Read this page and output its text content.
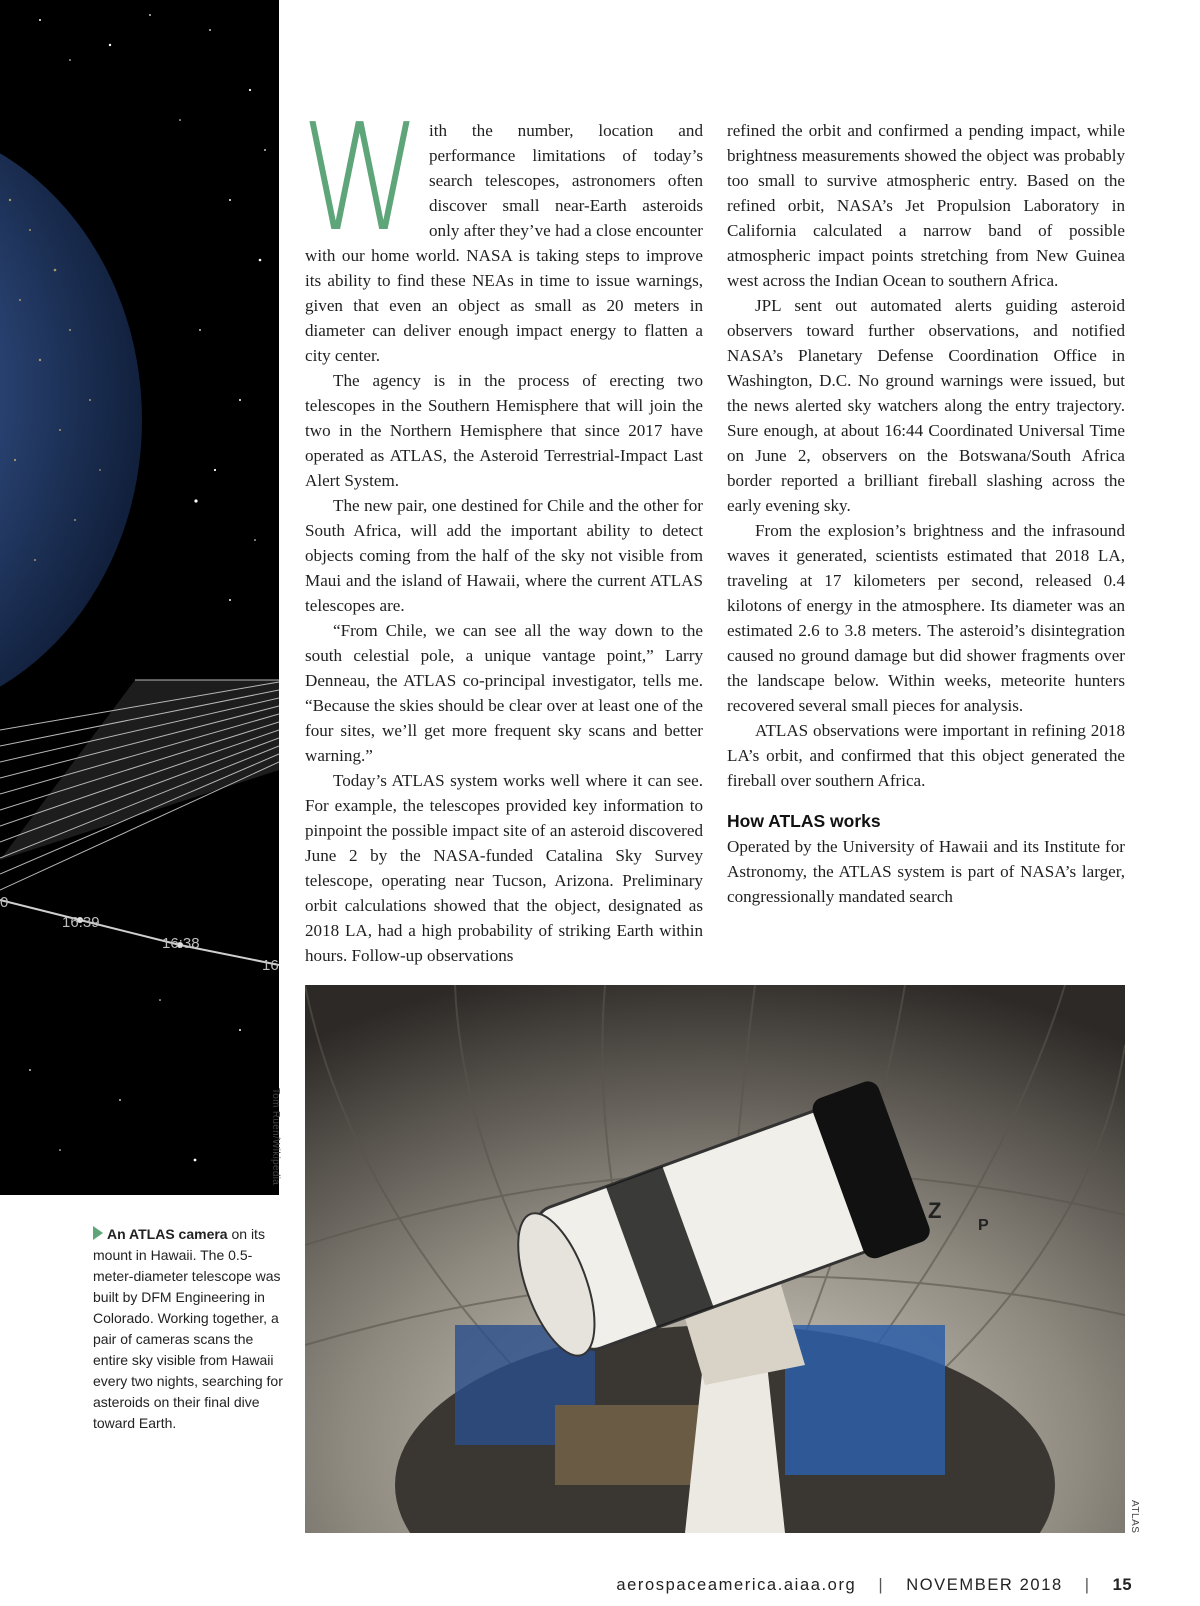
0
16:39
16:38
16
Tom Ruen/Wikipedia

With the number, location and performance limitations of today’s search telescopes, astronomers often discover small near-Earth asteroids only after they’ve had a close encounter with our home world. NASA is taking steps to improve its ability to find these NEAs in time to issue warnings, given that even an object as small as 20 meters in diameter can deliver enough impact energy to flatten a city center.

The agency is in the process of erecting two telescopes in the Southern Hemisphere that will join the two in the Northern Hemisphere that since 2017 have operated as ATLAS, the Asteroid Terrestrial-Impact Last Alert System.

The new pair, one destined for Chile and the other for South Africa, will add the important ability to detect objects coming from the half of the sky not visible from Maui and the island of Hawaii, where the current ATLAS telescopes are.

“From Chile, we can see all the way down to the south celestial pole, a unique vantage point,” Larry Denneau, the ATLAS co-principal investigator, tells me. “Because the skies should be clear over at least one of the four sites, we’ll get more frequent sky scans and better warning.”

Today’s ATLAS system works well where it can see. For example, the telescopes provided key information to pinpoint the possible impact site of an asteroid discovered June 2 by the NASA-funded Catalina Sky Survey telescope, operating near Tucson, Arizona. Preliminary orbit calculations showed that the object, designated as 2018 LA, had a high probability of striking Earth within hours. Follow-up observations

refined the orbit and confirmed a pending impact, while brightness measurements showed the object was probably too small to survive atmospheric entry. Based on the refined orbit, NASA’s Jet Propulsion Laboratory in California calculated a narrow band of possible atmospheric impact points stretching from New Guinea west across the Indian Ocean to southern Africa.

JPL sent out automated alerts guiding asteroid observers toward further observations, and notified NASA’s Planetary Defense Coordination Office in Washington, D.C. No ground warnings were issued, but the news alerted sky watchers along the entry trajectory. Sure enough, at about 16:44 Coordinated Universal Time on June 2, observers on the Botswana/South Africa border reported a brilliant fireball slashing across the early evening sky.

From the explosion’s brightness and the infrasound waves it generated, scientists estimated that 2018 LA, traveling at 17 kilometers per second, released 0.4 kilotons of energy in the atmosphere. Its diameter was an estimated 2.6 to 3.8 meters. The asteroid’s disintegration caused no ground damage but did shower fragments over the landscape below. Within weeks, meteorite hunters recovered several small pieces for analysis.

ATLAS observations were important in refining 2018 LA’s orbit, and confirmed that this object generated the fireball over southern Africa.

How ATLAS works

Operated by the University of Hawaii and its Institute for Astronomy, the ATLAS system is part of NASA’s larger, congressionally mandated search

Z
P
ATLAS
An ATLAS camera on its mount in Hawaii. The 0.5-meter-diameter telescope was built by DFM Engineering in Colorado. Working together, a pair of cameras scans the entire sky visible from Hawaii every two nights, searching for asteroids on their final dive toward Earth.
aerospaceamerica.aiaa.org | NOVEMBER 2018 | 15
